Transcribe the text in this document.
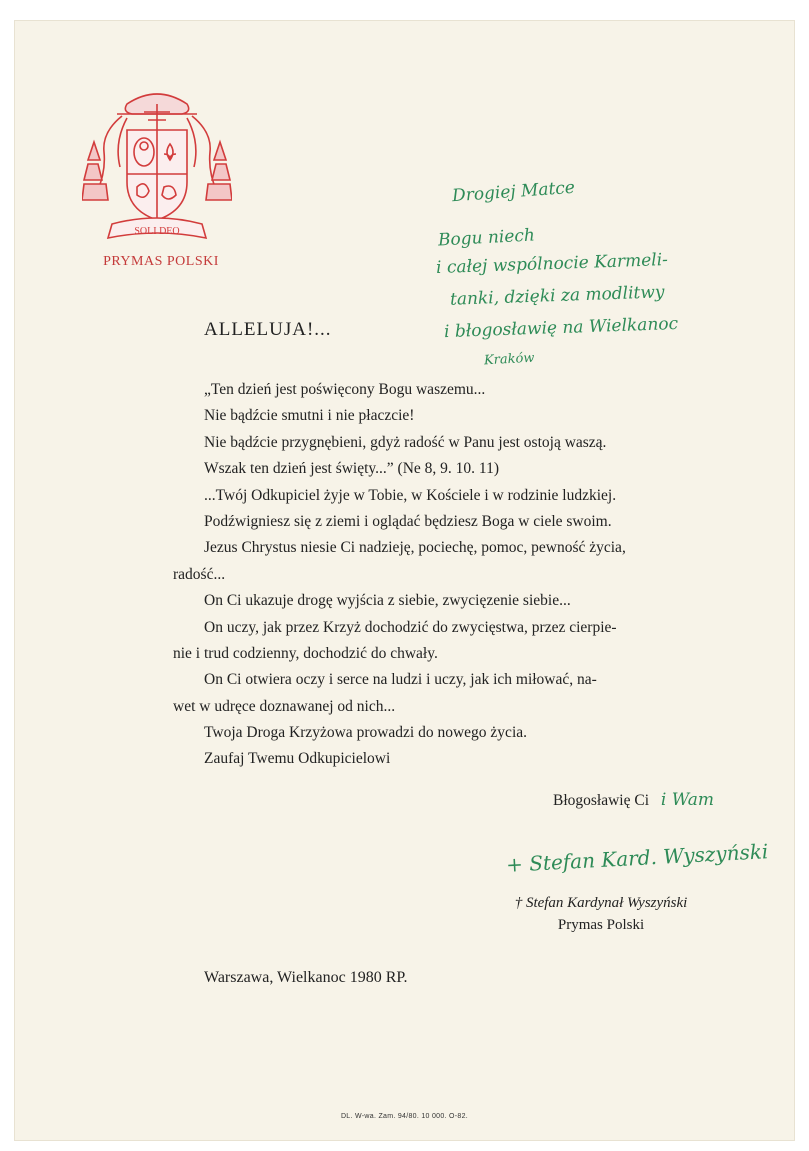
SOLI DEO
PRYMAS POLSKI
Drogiej Matce
Bogu niech
i całej wspólnocie Karmeli-
tanki, dzięki za modlitwy
i błogosławię na Wielkanoc
Kraków
ALLELUJA!...
„Ten dzień jest poświęcony Bogu waszemu...
Nie bądźcie smutni i nie płaczcie!
Nie bądźcie przygnębieni, gdyż radość w Panu jest ostoją waszą.
Wszak ten dzień jest święty...” (Ne 8, 9. 10. 11)
...Twój Odkupiciel żyje w Tobie, w Kościele i w rodzinie ludzkiej.
Podźwigniesz się z ziemi i oglądać będziesz Boga w ciele swoim.
Jezus Chrystus niesie Ci nadzieję, pociechę, pomoc, pewność życia,
radość...
On Ci ukazuje drogę wyjścia z siebie, zwycięzenie siebie...
On uczy, jak przez Krzyż dochodzić do zwycięstwa, przez cierpie-
nie i trud codzienny, dochodzić do chwały.
On Ci otwiera oczy i serce na ludzi i uczy, jak ich miłować, na-
wet w udręce doznawanej od nich...
Twoja Droga Krzyżowa prowadzi do nowego życia.
Zaufaj Twemu Odkupicielowi
Błogosławię Ci i Wam
+ Stefan Kard. Wyszyński
† Stefan Kardynał Wyszyński
Prymas Polski
Warszawa, Wielkanoc 1980 RP.
DL. W-wa. Zam. 94/80. 10 000. O-82.
